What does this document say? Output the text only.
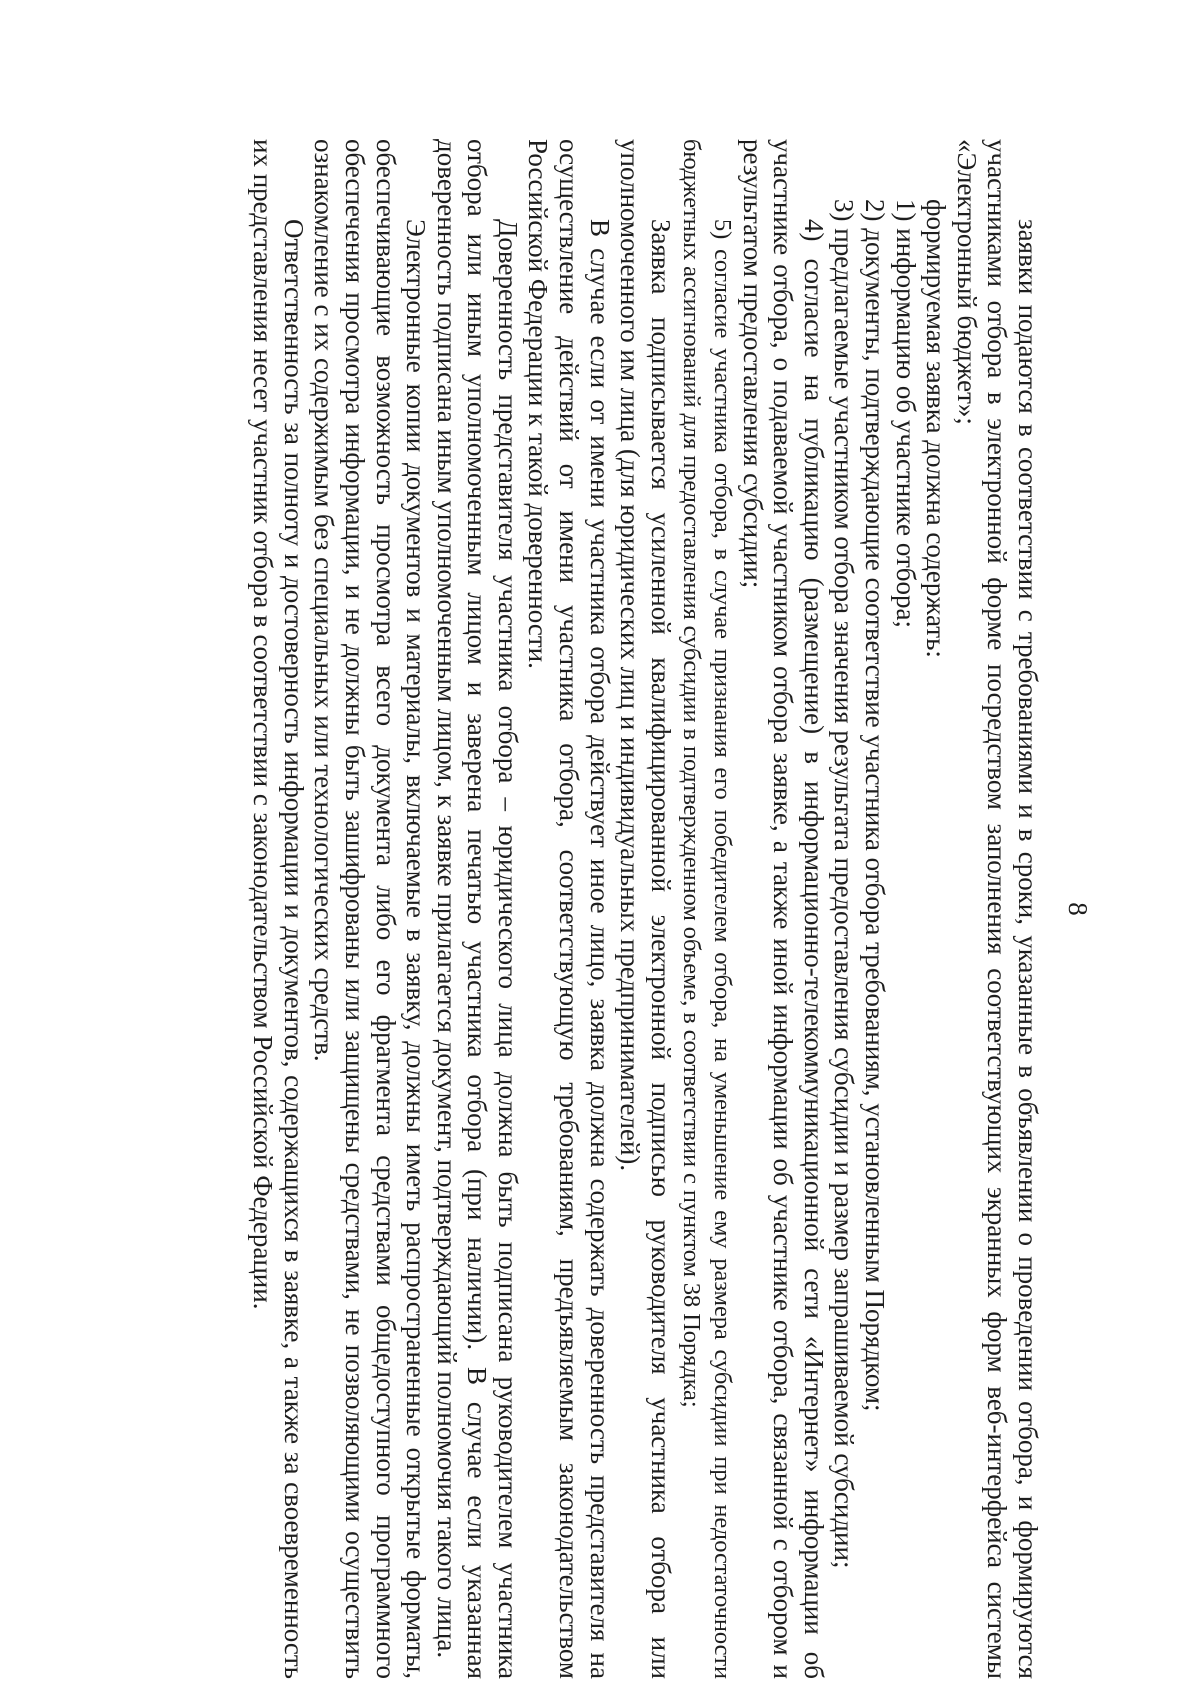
8

заявки подаются в соответствии с требованиями и в сроки, указанные в объявлении о проведении отбора, и формируются участниками отбора в электронной форме посредством заполнения соответствующих экранных форм веб-интерфейса системы «Электронный бюджет»;

формируемая заявка должна содержать:

1) информацию об участнике отбора;

2) документы, подтверждающие соответствие участника отбора требованиям, установленным Порядком;

3) предлагаемые участником отбора значения результата предоставления субсидии и размер запрашиваемой субсидии;

4) согласие на публикацию (размещение) в информационно-телекоммуникационной сети «Интернет» информации об участнике отбора, о подаваемой участником отбора заявке, а также иной информации об участнике отбора, связанной с отбором и результатом предоставления субсидии;

5) согласие участника отбора, в случае признания его победителем отбора, на уменьшение ему размера субсидии при недостаточности бюджетных ассигнований для предоставления субсидии в подтвержденном объеме, в соответствии с пунктом 38 Порядка;

Заявка подписывается усиленной квалифицированной электронной подписью руководителя участника отбора или уполномоченного им лица (для юридических лиц и индивидуальных предпринимателей).

В случае если от имени участника отбора действует иное лицо, заявка должна содержать доверенность представителя на осуществление действий от имени участника отбора, соответствующую требованиям, предъявляемым законодательством Российской Федерации к такой доверенности.

Доверенность представителя участника отбора – юридического лица должна быть подписана руководителем участника отбора или иным уполномоченным лицом и заверена печатью участника отбора (при наличии). В случае если указанная доверенность подписана иным уполномоченным лицом, к заявке прилагается документ, подтверждающий полномочия такого лица.

Электронные копии документов и материалы, включаемые в заявку, должны иметь распространенные открытые форматы, обеспечивающие возможность просмотра всего документа либо его фрагмента средствами общедоступного программного обеспечения просмотра информации, и не должны быть зашифрованы или защищены средствами, не позволяющими осуществить ознакомление с их содержимым без специальных или технологических средств.

Ответственность за полноту и достоверность информации и документов, содержащихся в заявке, а также за своевременность их представления несет участник отбора в соответствии с законодательством Российской Федерации.
